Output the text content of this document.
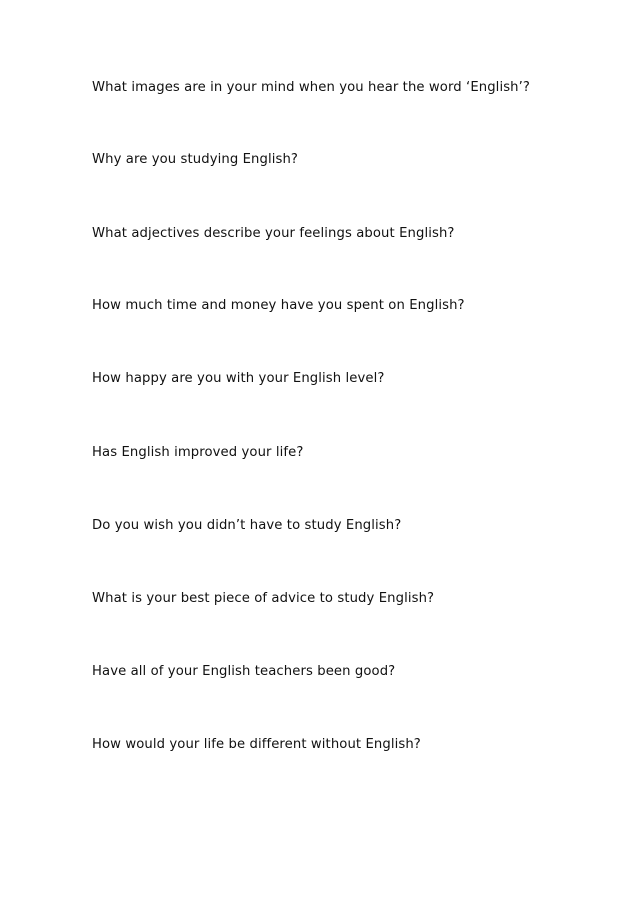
What images are in your mind when you hear the word ‘English’?
Why are you studying English?
What adjectives describe your feelings about English?
How much time and money have you spent on English?
How happy are you with your English level?
Has English improved your life?
Do you wish you didn’t have to study English?
What is your best piece of advice to study English?
Have all of your English teachers been good?
How would your life be different without English?
